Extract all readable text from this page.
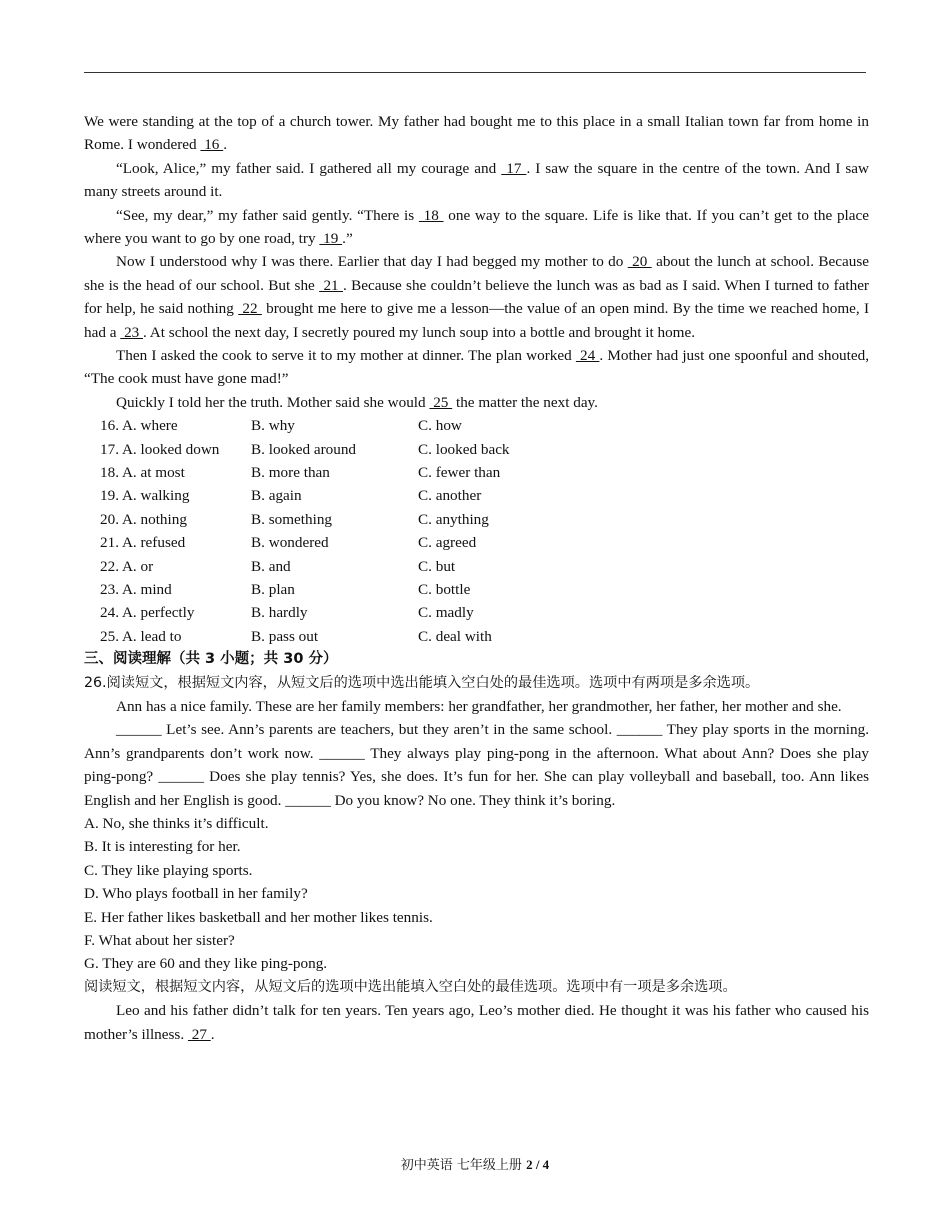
We were standing at the top of a church tower. My father had bought me to this place in a small Italian town far from home in Rome. I wondered  16 .

“Look, Alice,” my father said. I gathered all my courage and  17 . I saw the square in the centre of the town. And I saw many streets around it.

“See, my dear,” my father said gently. “There is  18  one way to the square. Life is like that. If you can’t get to the place where you want to go by one road, try  19 .”

Now I understood why I was there. Earlier that day I had begged my mother to do  20  about the lunch at school. Because she is the head of our school. But she  21 . Because she couldn’t believe the lunch was as bad as I said. When I turned to father for help, he said nothing  22  brought me here to give me a lesson—the value of an open mind. By the time we reached home, I had a  23 . At school the next day, I secretly poured my lunch soup into a bottle and brought it home.

Then I asked the cook to serve it to my mother at dinner. The plan worked  24 . Mother had just one spoonful and shouted, “The cook must have gone mad!”

Quickly I told her the truth. Mother said she would  25  the matter the next day.

16. A. where	B. why	C. how
17. A. looked down	B. looked around	C. looked back
18. A. at most	B. more than	C. fewer than
19. A. walking	B. again	C. another
20. A. nothing	B. something	C. anything
21. A. refused	B. wondered	C. agreed
22. A. or	B. and	C. but
23. A. mind	B. plan	C. bottle
24. A. perfectly	B. hardly	C. madly
25. A. lead to	B. pass out	C. deal with

三、阅读理解（共 3 小题；共 30 分）

26.阅读短文，根据短文内容，从短文后的选项中选出能填入空白处的最佳选项。选项中有两项是多余选项。

Ann has a nice family. These are her family members: her grandfather, her grandmother, her father, her mother and she.

______ Let’s see. Ann’s parents are teachers, but they aren’t in the same school. ______ They play sports in the morning. Ann’s grandparents don’t work now. ______ They always play ping-pong in the afternoon. What about Ann? Does she play ping-pong? ______ Does she play tennis? Yes, she does. It’s fun for her. She can play volleyball and baseball, too. Ann likes English and her English is good. ______ Do you know? No one. They think it’s boring.

A. No, she thinks it’s difficult.

B. It is interesting for her.

C. They like playing sports.

D. Who plays football in her family?

E. Her father likes basketball and her mother likes tennis.

F. What about her sister?

G. They are 60 and they like ping-pong.

阅读短文，根据短文内容，从短文后的选项中选出能填入空白处的最佳选项。选项中有一项是多余选项。

Leo and his father didn’t talk for ten years. Ten years ago, Leo’s mother died. He thought it was his father who caused his mother’s illness.  27 .

初中英语 七年级上册 2 / 4
